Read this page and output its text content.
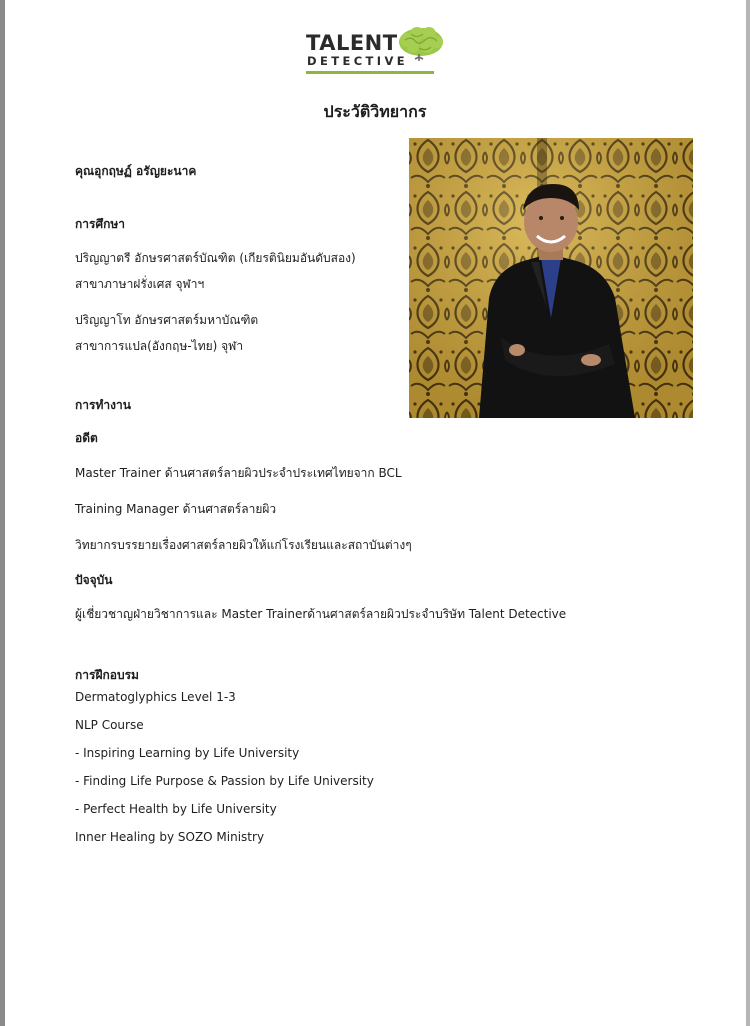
TALENT
DETECTIVE
ประวัติวิทยากร
คุณอุกฤษฏ์ อรัญยะนาค
การศึกษา
ปริญญาตรี อักษรศาสตร์บัณฑิต (เกียรตินิยมอันดับสอง)
สาขาภาษาฝรั่งเศส จุฬาฯ
ปริญญาโท อักษรศาสตร์มหาบัณฑิต
สาขาการแปล(อังกฤษ-ไทย) จุฬา
การทำงาน
อดีต
Master Trainer ด้านศาสตร์ลายผิวประจำประเทศไทยจาก BCL
Training Manager ด้านศาสตร์ลายผิว
วิทยากรบรรยายเรื่องศาสตร์ลายผิวให้แก่โรงเรียนและสถาบันต่างๆ
ปัจจุบัน
ผู้เชี่ยวชาญฝ่ายวิชาการและ Master Trainerด้านศาสตร์ลายผิวประจำบริษัท Talent Detective
การฝึกอบรม
Dermatoglyphics Level 1-3
NLP Course
- Inspiring Learning by Life University
- Finding Life Purpose & Passion by Life University
- Perfect Health by Life University
Inner Healing by SOZO Ministry
